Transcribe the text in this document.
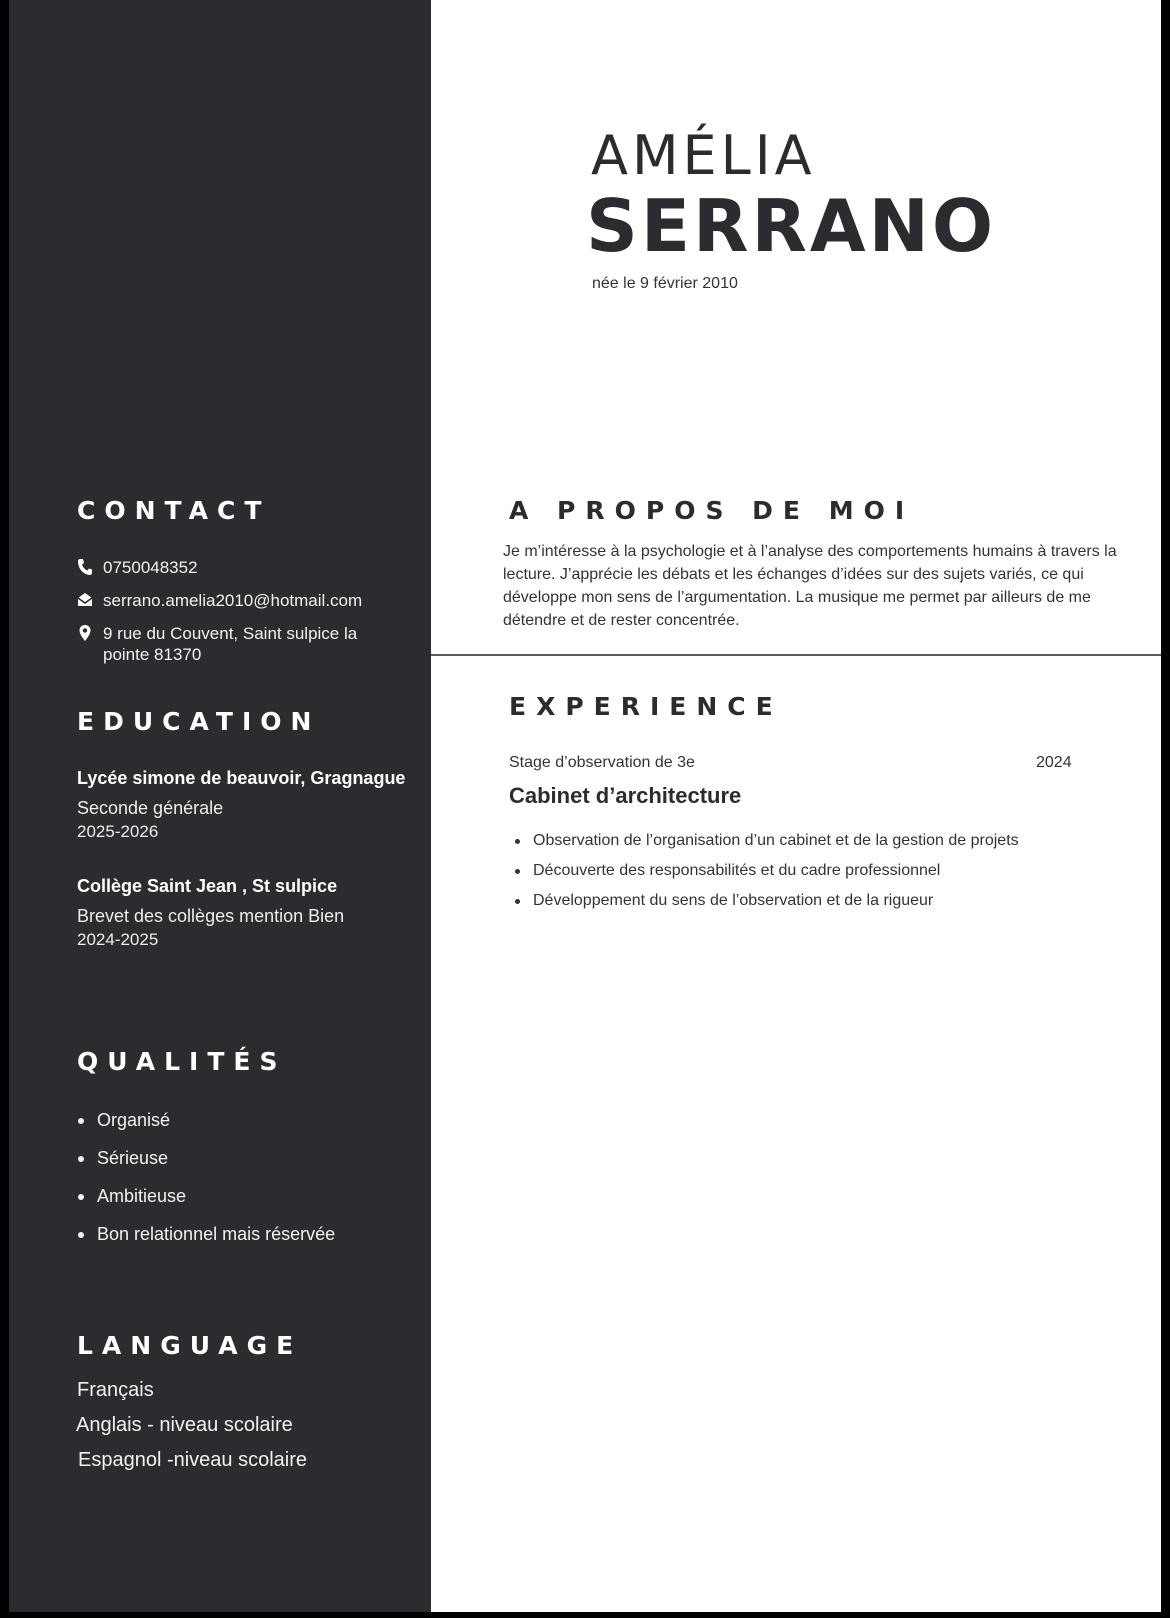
CONTACT
0750048352
serrano.amelia2010@hotmail.com
9 rue du Couvent, Saint sulpice la pointe 81370
EDUCATION
Lycée simone de beauvoir, Gragnague
Seconde générale
2025-2026
Collège Saint Jean , St sulpice
Brevet des collèges mention Bien
2024-2025
QUALITÉS
Organisé
Sérieuse
Ambitieuse
Bon relationnel mais réservée
LANGUAGE
Français
Anglais - niveau scolaire
Espagnol -niveau scolaire
AMÉLIA
SERRANO
née le 9 février 2010
A PROPOS DE MOI
Je m’intéresse à la psychologie et à l’analyse des comportements humains à travers la lecture. J’apprécie les débats et les échanges d’idées sur des sujets variés, ce qui développe mon sens de l’argumentation. La musique me permet par ailleurs de me détendre et de rester concentrée.
EXPERIENCE
Stage d’observation de 3e	2024
Cabinet d’architecture
Observation de l’organisation d’un cabinet et de la gestion de projets
Découverte des responsabilités et du cadre professionnel
Développement du sens de l’observation et de la rigueur
